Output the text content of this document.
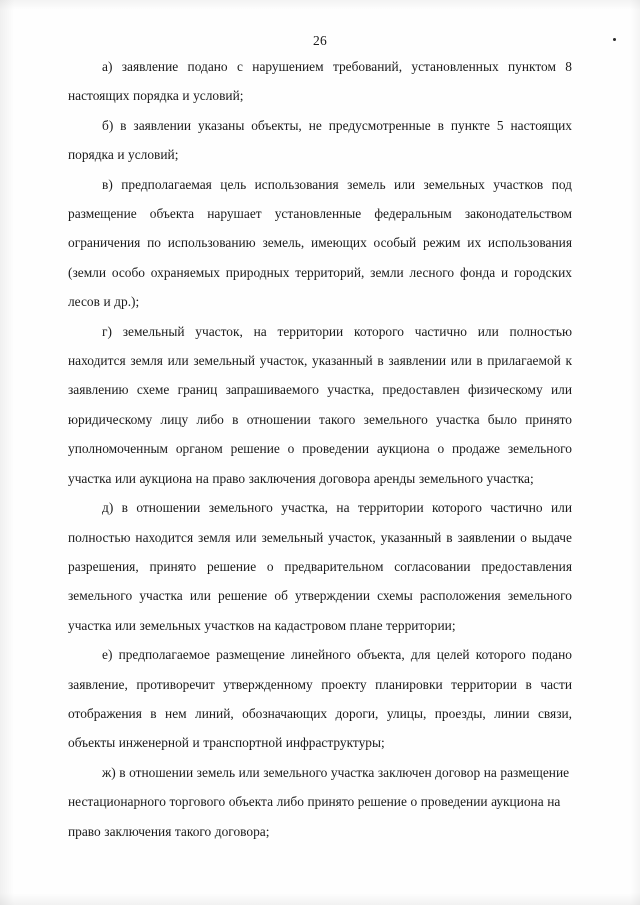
26

а) заявление подано с нарушением требований, установленных пунктом 8 настоящих порядка и условий;

б) в заявлении указаны объекты, не предусмотренные в пункте 5 настоящих порядка и условий;

в) предполагаемая цель использования земель или земельных участков под размещение объекта нарушает установленные федеральным законодательством ограничения по использованию земель, имеющих особый режим их использования (земли особо охраняемых природных территорий, земли лесного фонда и городских лесов и др.);

г) земельный участок, на территории которого частично или полностью находится земля или земельный участок, указанный в заявлении или в прилагаемой к заявлению схеме границ запрашиваемого участка, предоставлен физическому или юридическому лицу либо в отношении такого земельного участка было принято уполномоченным органом решение о проведении аукциона о продаже земельного участка или аукциона на право заключения договора аренды земельного участка;

д) в отношении земельного участка, на территории которого частично или полностью находится земля или земельный участок, указанный в заявлении о выдаче разрешения, принято решение о предварительном согласовании предоставления земельного участка или решение об утверждении схемы расположения земельного участка или земельных участков на кадастровом плане территории;

е) предполагаемое размещение линейного объекта, для целей которого подано заявление, противоречит утвержденному проекту планировки территории в части отображения в нем линий, обозначающих дороги, улицы, проезды, линии связи, объекты инженерной и транспортной инфраструктуры;

ж) в отношении земель или земельного участка заключен договор на размещение нестационарного торгового объекта либо принято решение о проведении аукциона на право заключения такого договора;
